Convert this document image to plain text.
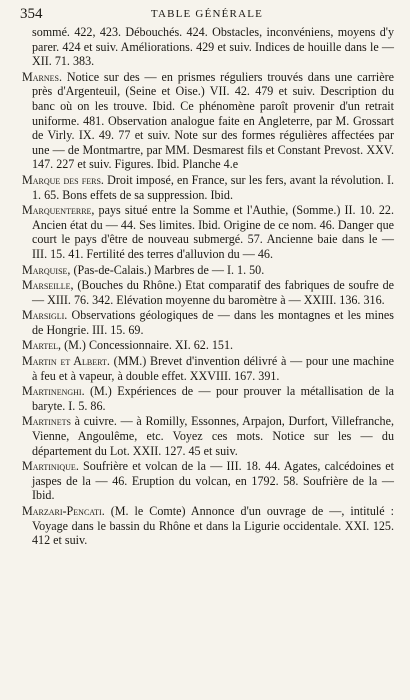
354	TABLE GÉNÉRALE

sommé. 422, 423. Débouchés. 424. Obstacles, inconvéniens, moyens d'y parer. 424 et suiv. Améliorations. 429 et suiv. Indices de houille dans le — XII. 71. 383.

Marnes. Notice sur des — en prismes réguliers trouvés dans une carrière près d'Argenteuil, (Seine et Oise.) VII. 42. 479 et suiv. Description du banc où on les trouve. Ibid. Ce phénomène paroît provenir d'un retrait uniforme. 481. Observation analogue faite en Angleterre, par M. Grossart de Virly. IX. 49. 77 et suiv. Note sur des formes régulières affectées par une — de Montmartre, par MM. Desmarest fils et Constant Prevost. XXV. 147. 227 et suiv. Figures. Ibid. Planche 4.e

Marque des fers. Droit imposé, en France, sur les fers, avant la révolution. I. 1. 65. Bons effets de sa suppression. Ibid.

Marquenterre, pays situé entre la Somme et l'Authie, (Somme.) II. 10. 22. Ancien état du — 44. Ses limites. Ibid. Origine de ce nom. 46. Danger que court le pays d'être de nouveau submergé. 57. Ancienne baie dans le — III. 15. 41. Fertilité des terres d'alluvion du — 46.

Marquise, (Pas-de-Calais.) Marbres de — I. 1. 50.

Marseille, (Bouches du Rhône.) Etat comparatif des fabriques de soufre de — XIII. 76. 342. Elévation moyenne du baromètre à — XXIII. 136. 316.

Marsigli. Observations géologiques de — dans les montagnes et les mines de Hongrie. III. 15. 69.

Martel, (M.) Concessionnaire. XI. 62. 151.

Martin et Albert. (MM.) Brevet d'invention délivré à — pour une machine à feu et à vapeur, à double effet. XXVIII. 167. 391.

Martinenghi. (M.) Expériences de — pour prouver la métallisation de la baryte. I. 5. 86.

Martinets à cuivre. — à Romilly, Essonnes, Arpajon, Durfort, Villefranche, Vienne, Angoulême, etc. Voyez ces mots. Notice sur les — du département du Lot. XXII. 127. 45 et suiv.

Martinique. Soufrière et volcan de la — III. 18. 44. Agates, calcédoines et jaspes de la — 46. Eruption du volcan, en 1792. 58. Soufrière de la — Ibid.

Marzari-Pencati. (M. le Comte) Annonce d'un ouvrage de —, intitulé : Voyage dans le bassin du Rhône et dans la Ligurie occidentale. XXI. 125. 412 et suiv.
